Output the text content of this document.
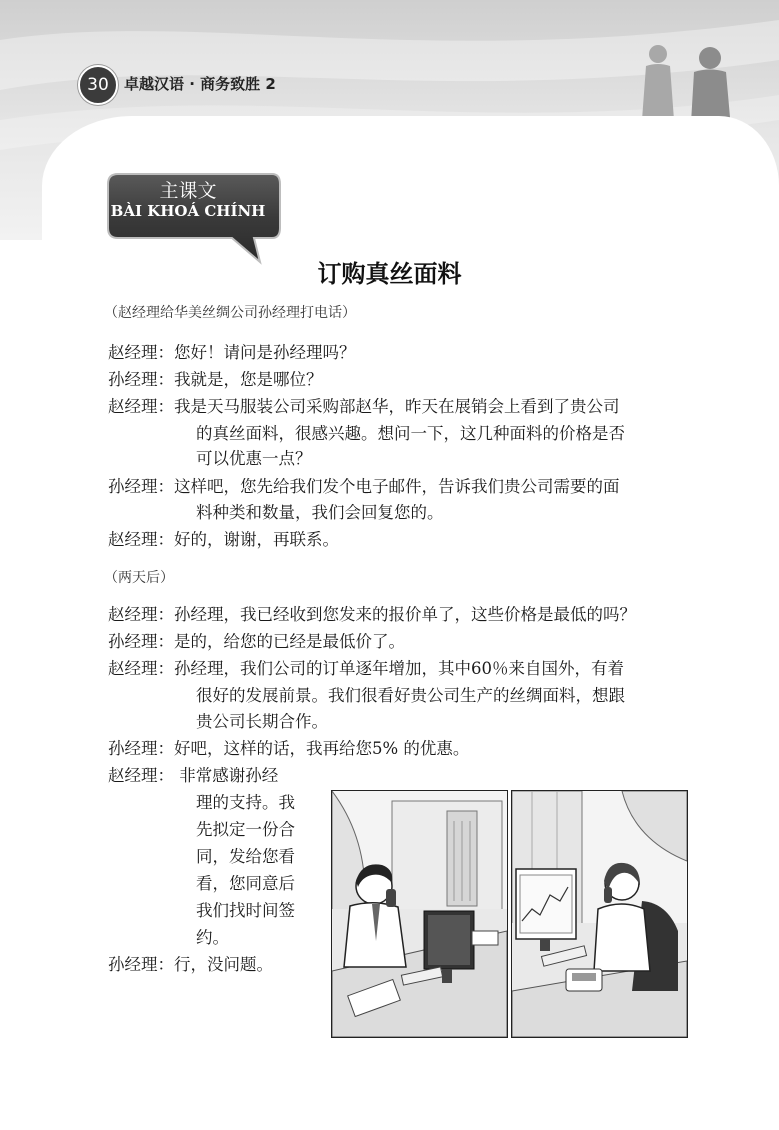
30	卓越汉语 · 商务致胜 2
主课文
BÀI KHOÁ CHÍNH
订购真丝面料
（赵经理给华美丝绸公司孙经理打电话）
赵经理：您好！请问是孙经理吗？
孙经理：我就是，您是哪位？
赵经理：我是天马服装公司采购部赵华，昨天在展销会上看到了贵公司
的真丝面料，很感兴趣。想问一下，这几种面料的价格是否
可以优惠一点？
孙经理：这样吧，您先给我们发个电子邮件，告诉我们贵公司需要的面
料种类和数量，我们会回复您的。
赵经理：好的，谢谢，再联系。
（两天后）
赵经理：孙经理，我已经收到您发来的报价单了，这些价格是最低的吗？
孙经理：是的，给您的已经是最低价了。
赵经理：孙经理，我们公司的订单逐年增加，其中60％来自国外，有着
很好的发展前景。我们很看好贵公司生产的丝绸面料，想跟
贵公司长期合作。
孙经理：好吧，这样的话，我再给您5% 的优惠。
赵经理： 非常感谢孙经
理的支持。我
先拟定一份合
同，发给您看
看，您同意后
我们找时间签
约。
孙经理：行，没问题。
